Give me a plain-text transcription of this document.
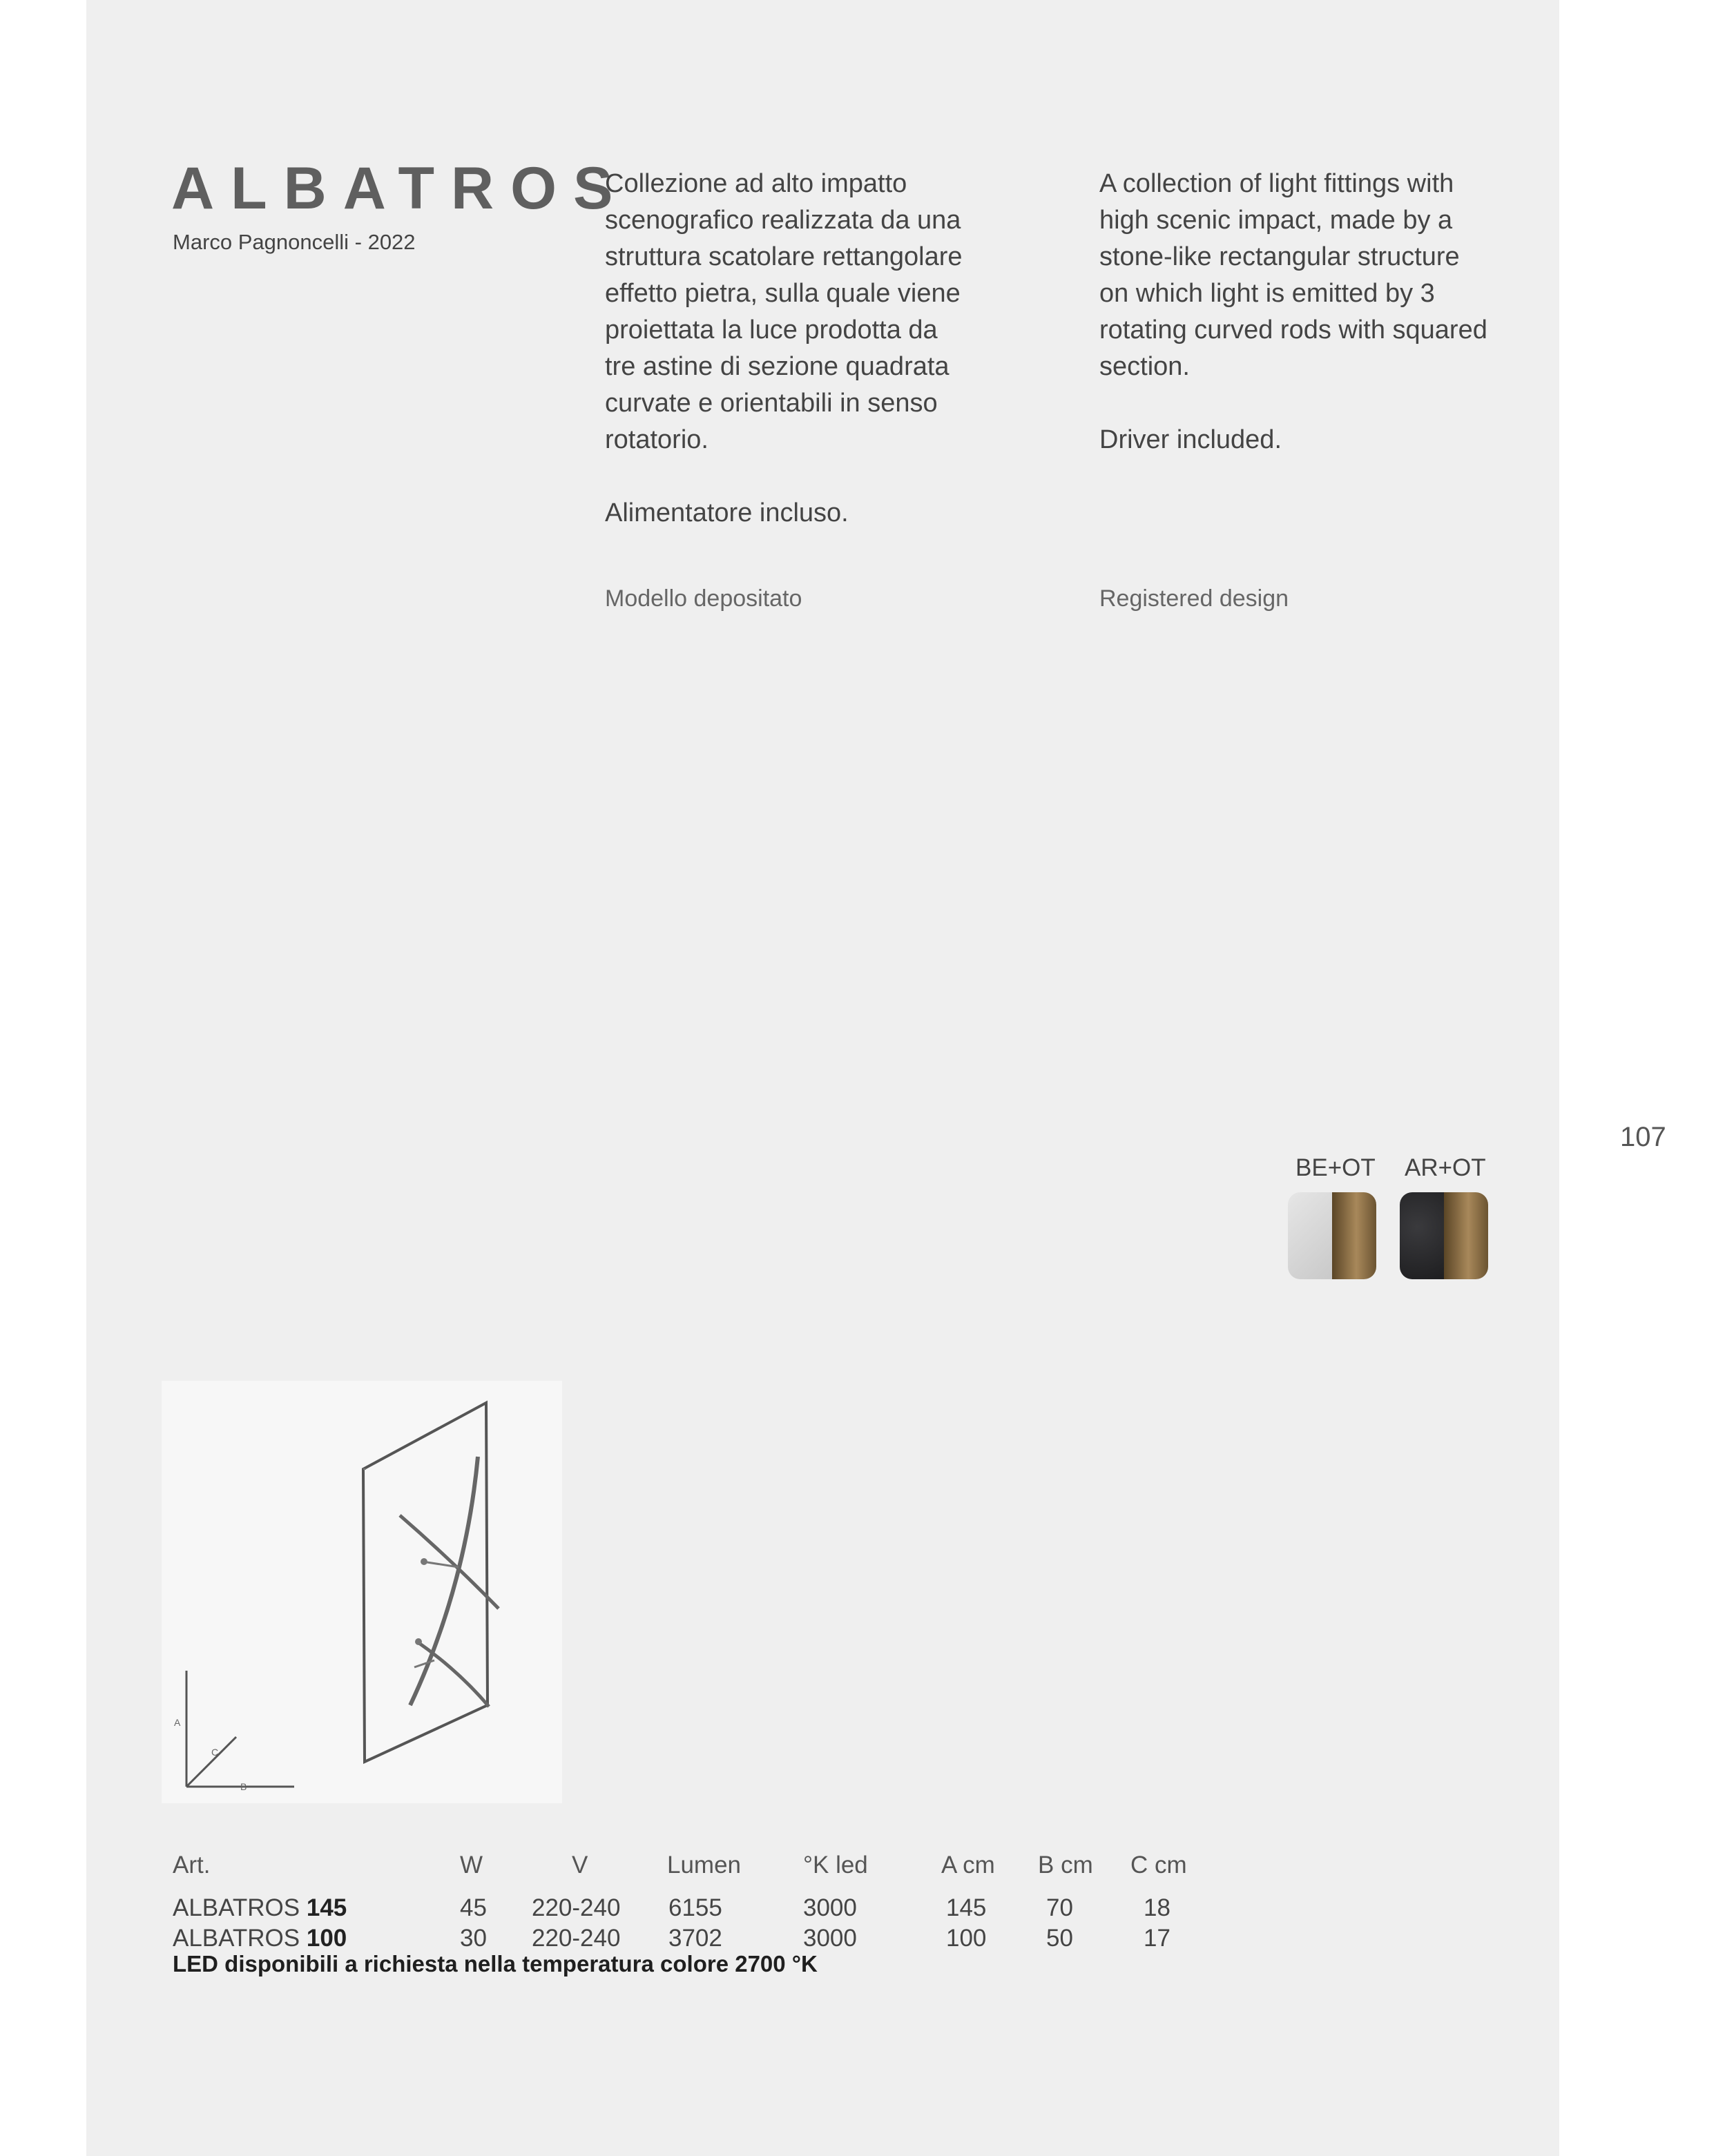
ALBATROS
Marco Pagnoncelli - 2022

Collezione ad alto impatto
scenografico realizzata da una
struttura scatolare rettangolare
effetto pietra, sulla quale viene
proiettata la luce prodotta da
tre astine di sezione quadrata
curvate e orientabili in senso
rotatorio.

Alimentatore incluso.

A collection of light fittings with
high scenic impact, made by a
stone-like rectangular structure
on which light is emitted by 3
rotating curved rods with squared
section.

Driver included.

Modello depositato	Registered design
107
BE+OT AR+OT
A
C
B
Art.	W	V	Lumen	°K led	A cm B cm C cm
ALBATROS 145	45 220-240 6155	3000	145 70	18
ALBATROS 100	30 220-240 3702	3000	100 50	17
LED disponibili a richiesta nella temperatura colore 2700 °K
